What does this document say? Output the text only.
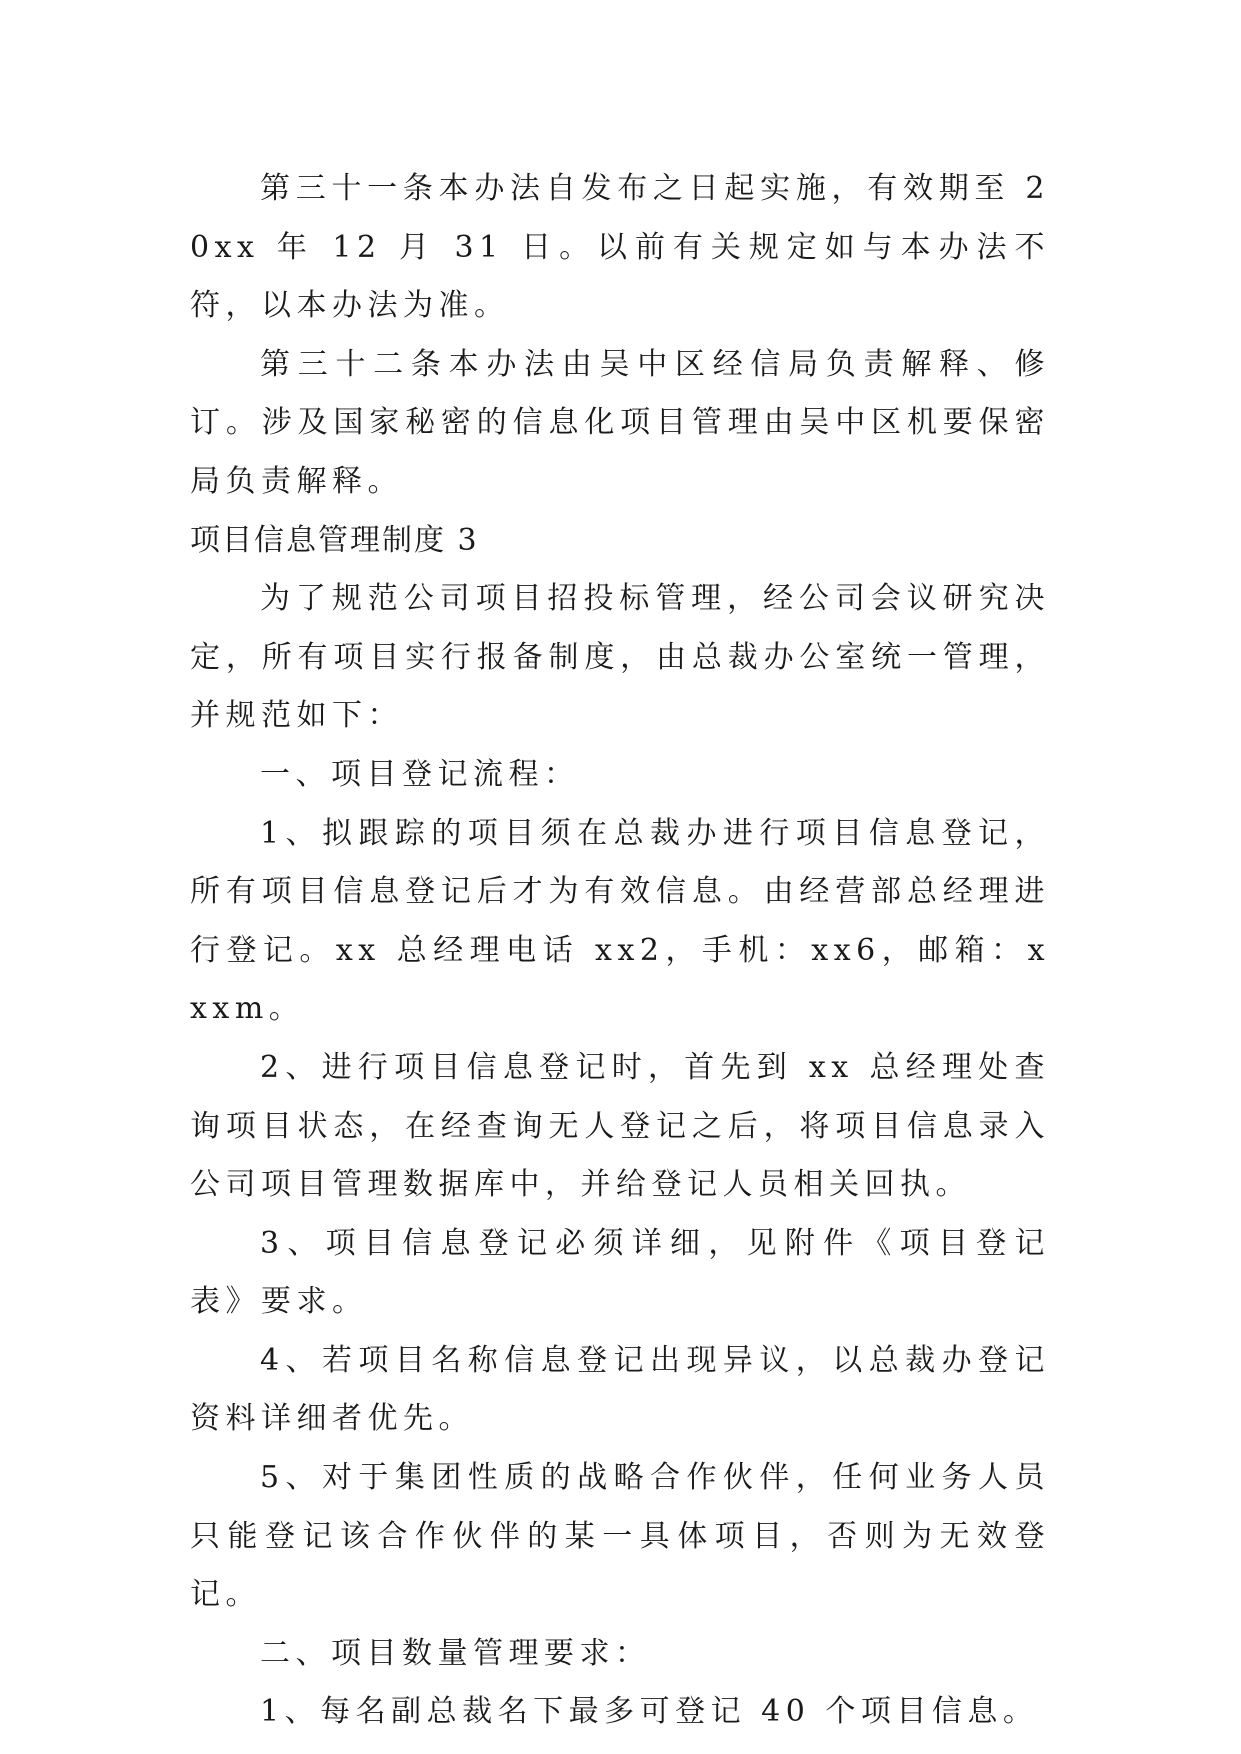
第三十一条本办法自发布之日起实施，有效期至 20xx 年 12 月 31 日。以前有关规定如与本办法不符，以本办法为准。

第三十二条本办法由吴中区经信局负责解释、修订。涉及国家秘密的信息化项目管理由吴中区机要保密局负责解释。

项目信息管理制度 3

为了规范公司项目招投标管理，经公司会议研究决定，所有项目实行报备制度，由总裁办公室统一管理，并规范如下：

一、项目登记流程：

1、拟跟踪的项目须在总裁办进行项目信息登记，所有项目信息登记后才为有效信息。由经营部总经理进行登记。xx 总经理电话 xx2，手机：xx6，邮箱：xxxm。

2、进行项目信息登记时，首先到 xx 总经理处查询项目状态，在经查询无人登记之后，将项目信息录入公司项目管理数据库中，并给登记人员相关回执。

3、项目信息登记必须详细，见附件《项目登记表》要求。

4、若项目名称信息登记出现异议，以总裁办登记资料详细者优先。

5、对于集团性质的战略合作伙伴，任何业务人员只能登记该合作伙伴的某一具体项目，否则为无效登记。

二、项目数量管理要求：

1、每名副总裁名下最多可登记 40 个项目信息。
